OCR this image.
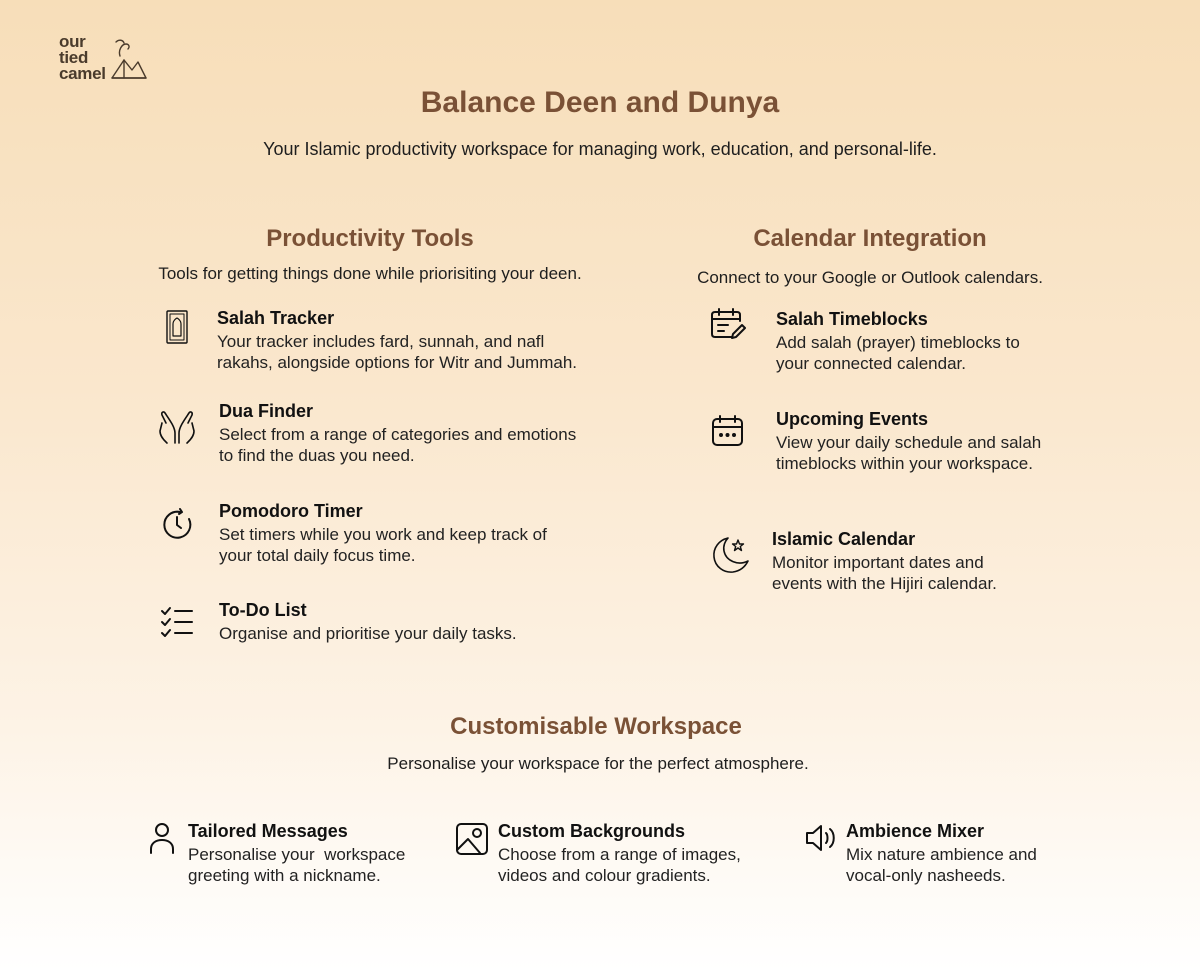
our
tied
camel
Balance Deen and Dunya
Your Islamic productivity workspace for managing work, education, and personal-life.
Productivity Tools
Tools for getting things done while priorisiting your deen.
Salah Tracker
Your tracker includes fard, sunnah, and nafl
rakahs, alongside options for Witr and Jummah.
Dua Finder
Select from a range of categories and emotions
to find the duas you need.
Pomodoro Timer
Set timers while you work and keep track of
your total daily focus time.
To-Do List
Organise and prioritise your daily tasks.
Calendar Integration
Connect to your Google or Outlook calendars.
Salah Timeblocks
Add salah (prayer) timeblocks to
your connected calendar.
Upcoming Events
View your daily schedule and salah
timeblocks within your workspace.
Islamic Calendar
Monitor important dates and
events with the Hijiri calendar.
Customisable Workspace
Personalise your workspace for the perfect atmosphere.
Tailored Messages
Personalise your  workspace
greeting with a nickname.
Custom Backgrounds
Choose from a range of images,
videos and colour gradients.
Ambience Mixer
Mix nature ambience and
vocal-only nasheeds.
